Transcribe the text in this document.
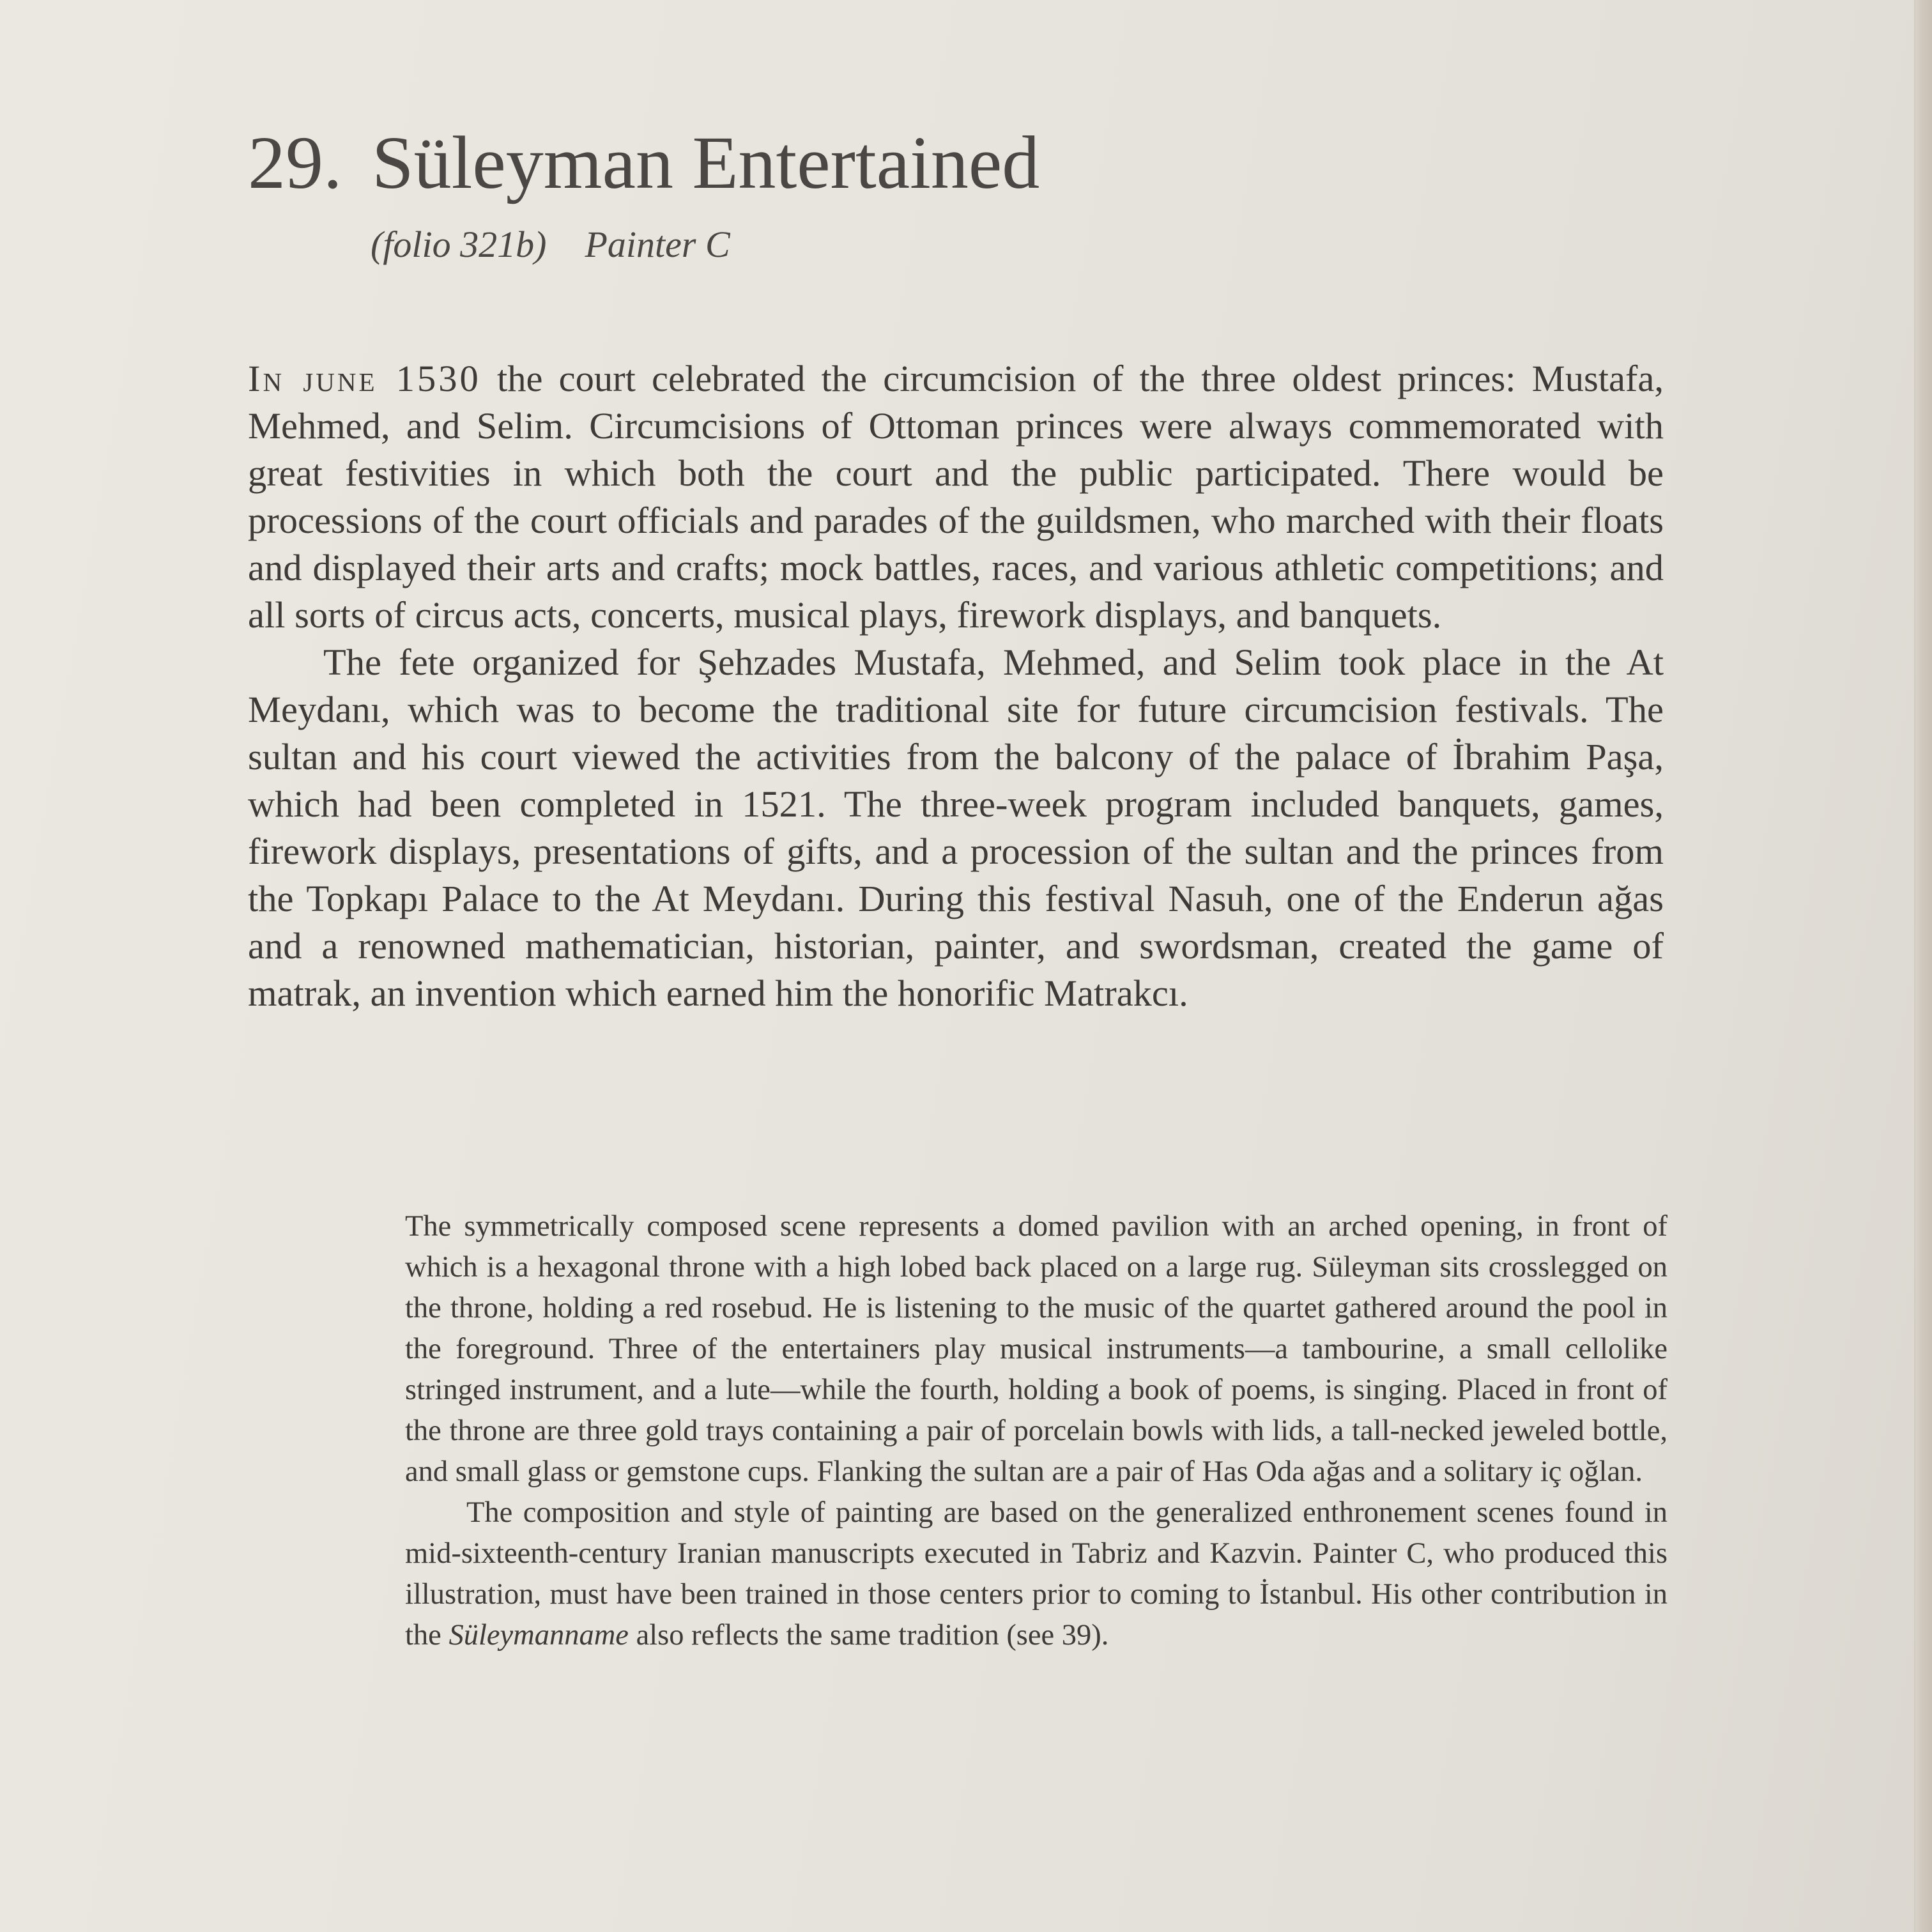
29. Süleyman Entertained
(folio 321b) Painter C

In june 1530 the court celebrated the circumcision of the three oldest princes: Mustafa, Mehmed, and Selim. Circumcisions of Ottoman princes were always commemorated with great festivities in which both the court and the public participated. There would be processions of the court officials and parades of the guildsmen, who marched with their floats and displayed their arts and crafts; mock battles, races, and various athletic competitions; and all sorts of circus acts, concerts, musical plays, firework displays, and banquets.

The fete organized for Şehzades Mustafa, Mehmed, and Selim took place in the At Meydanı, which was to become the traditional site for future circumcision festivals. The sultan and his court viewed the activities from the balcony of the palace of İbrahim Paşa, which had been completed in 1521. The three-week program included banquets, games, firework displays, presentations of gifts, and a procession of the sultan and the princes from the Topkapı Palace to the At Meydanı. During this festival Nasuh, one of the Enderun ağas and a renowned mathematician, historian, painter, and swordsman, created the game of matrak, an invention which earned him the honorific Matrakcı.

The symmetrically composed scene represents a domed pavilion with an arched opening, in front of which is a hexagonal throne with a high lobed back placed on a large rug. Süleyman sits crosslegged on the throne, holding a red rosebud. He is listening to the music of the quartet gathered around the pool in the foreground. Three of the entertainers play musical instruments—a tambourine, a small cellolike stringed instrument, and a lute—while the fourth, holding a book of poems, is singing. Placed in front of the throne are three gold trays containing a pair of porcelain bowls with lids, a tall-necked jeweled bottle, and small glass or gemstone cups. Flanking the sultan are a pair of Has Oda ağas and a solitary iç oğlan.

The composition and style of painting are based on the generalized enthronement scenes found in mid-sixteenth-century Iranian manuscripts executed in Tabriz and Kazvin. Painter C, who produced this illustration, must have been trained in those centers prior to coming to İstanbul. His other contribution in the Süleymanname also reflects the same tradition (see 39).
